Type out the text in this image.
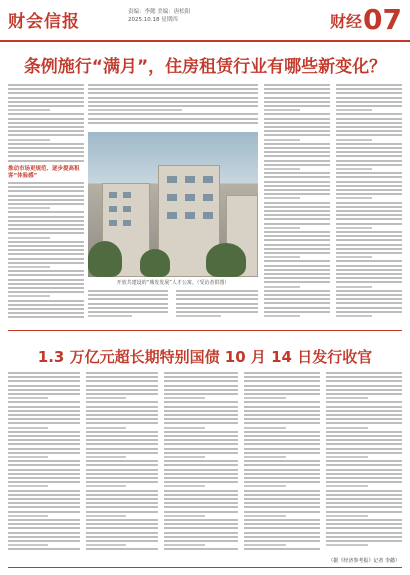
财会信报	责编：李懿 美编：唐松阳
2025.10.18 星期四	财经 07
条例施行“满月”，住房租赁行业有哪些新变化？
推动市场更规范、逐步提高租客“体验感”
开放共建设的“城发发展”人才公寓。（受访者供图）
1.3 万亿元超长期特别国债 10 月 14 日发行收官
（据《经济参考报》记者 李懿）
